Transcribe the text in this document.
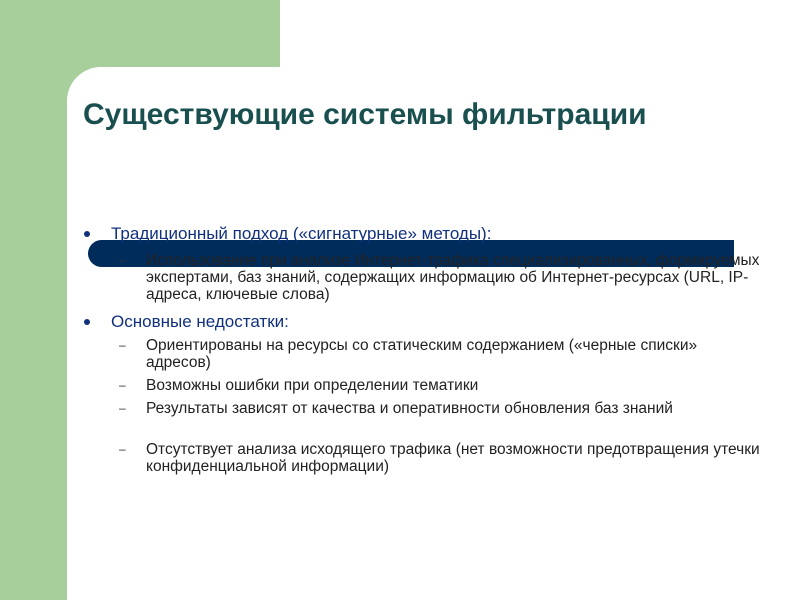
Существующие системы фильтрации
Традиционный подход («сигнатурные» методы):
– Использование при анализе Интернет-трафика специализированных, формируемых экспертами, баз знаний, содержащих информацию об Интернет-ресурсах (URL, IP-адреса, ключевые слова)
Основные недостатки:
– Ориентированы на ресурсы со статическим содержанием («черные списки» адресов)
– Возможны ошибки при определении тематики
– Результаты зависят от качества и оперативности обновления баз знаний
– Отсутствует анализа исходящего трафика (нет возможности предотвращения утечки конфиденциальной информации)
